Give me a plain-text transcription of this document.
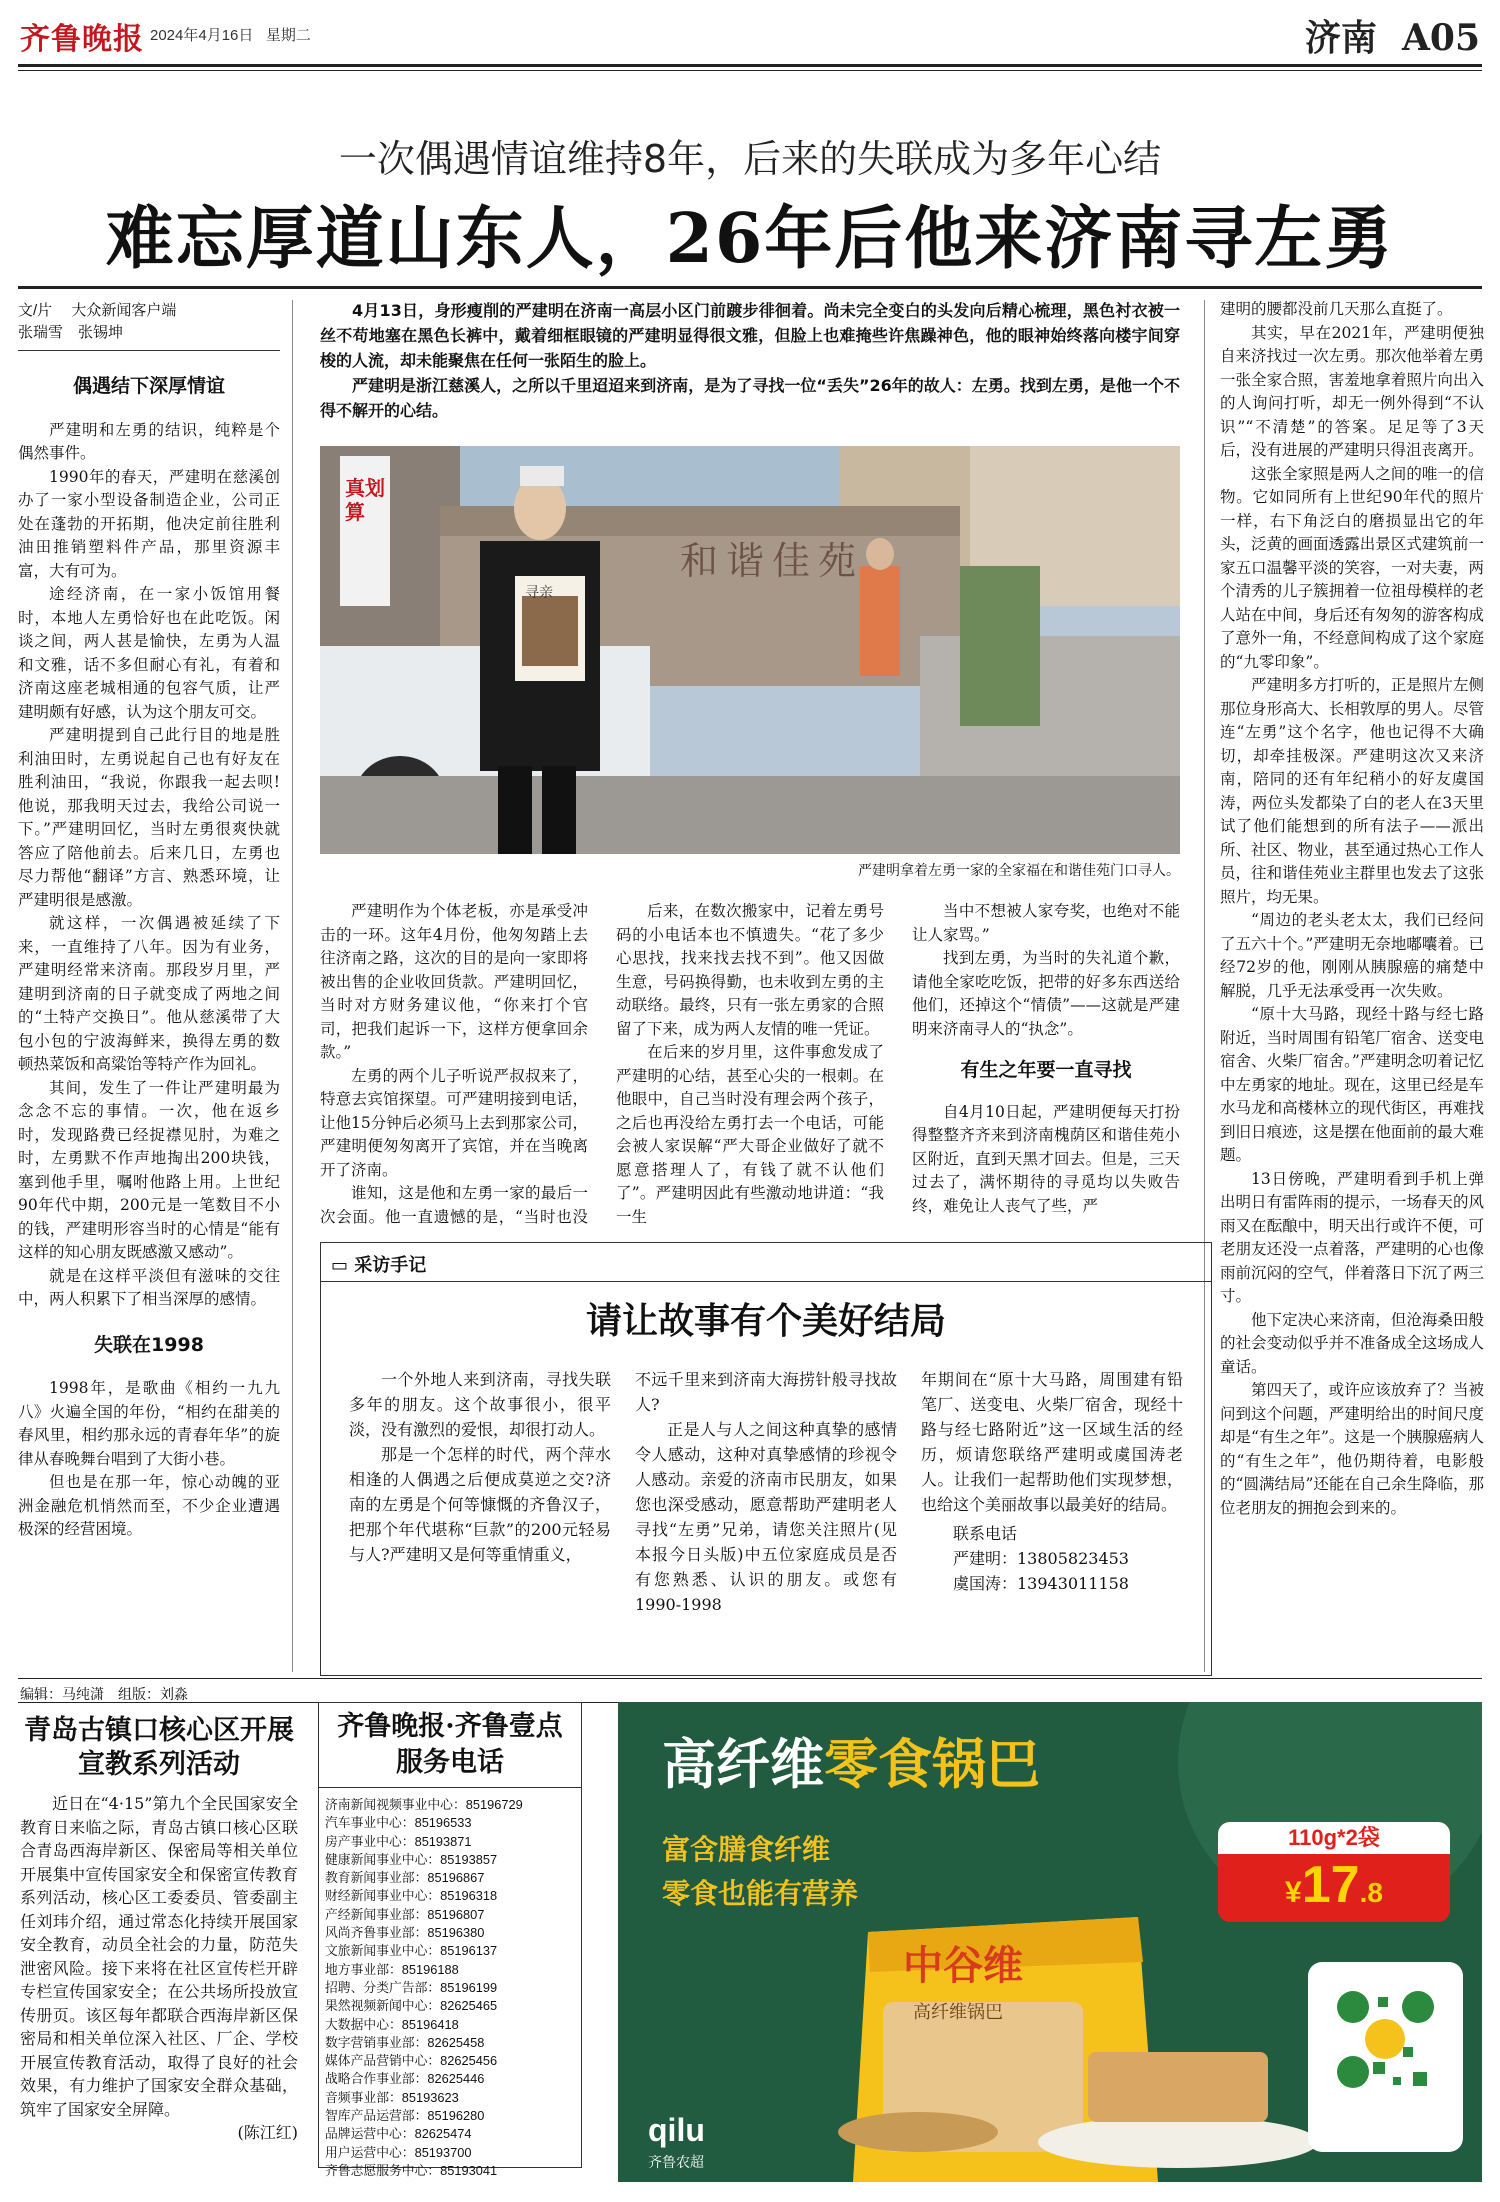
齐鲁晚报 2024年4月16日 星期二	济南 A05
一次偶遇情谊维持8年，后来的失联成为多年心结
难忘厚道山东人，26年后他来济南寻左勇
文/片　 大众新闻客户端
张瑞雪　张锡坤
偶遇结下深厚情谊

严建明和左勇的结识，纯粹是个偶然事件。

1990年的春天，严建明在慈溪创办了一家小型设备制造企业，公司正处在蓬勃的开拓期，他决定前往胜利油田推销塑料件产品，那里资源丰富，大有可为。

途经济南，在一家小饭馆用餐时，本地人左勇恰好也在此吃饭。闲谈之间，两人甚是愉快，左勇为人温和文雅，话不多但耐心有礼，有着和济南这座老城相通的包容气质，让严建明颇有好感，认为这个朋友可交。

严建明提到自己此行目的地是胜利油田时，左勇说起自己也有好友在胜利油田，“我说，你跟我一起去呗!他说，那我明天过去，我给公司说一下。”严建明回忆，当时左勇很爽快就答应了陪他前去。后来几日，左勇也尽力帮他“翻译”方言、熟悉环境，让严建明很是感激。

就这样，一次偶遇被延续了下来，一直维持了八年。因为有业务，严建明经常来济南。那段岁月里，严建明到济南的日子就变成了两地之间的“土特产交换日”。他从慈溪带了大包小包的宁波海鲜来，换得左勇的数顿热菜饭和高粱饴等特产作为回礼。

其间，发生了一件让严建明最为念念不忘的事情。一次，他在返乡时，发现路费已经捉襟见肘，为难之时，左勇默不作声地掏出200块钱，塞到他手里，嘱咐他路上用。上世纪90年代中期，200元是一笔数目不小的钱，严建明形容当时的心情是“能有这样的知心朋友既感激又感动”。

就是在这样平淡但有滋味的交往中，两人积累下了相当深厚的感情。

失联在1998

1998年，是歌曲《相约一九九八》火遍全国的年份，“相约在甜美的春风里，相约那永远的青春年华”的旋律从春晚舞台唱到了大街小巷。

但也是在那一年，惊心动魄的亚洲金融危机悄然而至，不少企业遭遇极深的经营困境。

4月13日，身形瘦削的严建明在济南一高层小区门前踱步徘徊着。尚未完全变白的头发向后精心梳理，黑色衬衣被一丝不苟地塞在黑色长裤中，戴着细框眼镜的严建明显得很文雅，但脸上也难掩些许焦躁神色，他的眼神始终落向楼宇间穿梭的人流，却未能聚焦在任何一张陌生的脸上。

严建明是浙江慈溪人，之所以千里迢迢来到济南，是为了寻找一位“丢失”26年的故人：左勇。找到左勇，是他一个不得不解开的心结。

和谐佳苑
寻亲
真划算
严建明拿着左勇一家的全家福在和谐佳苑门口寻人。

严建明作为个体老板，亦是承受冲击的一环。这年4月份，他匆匆踏上去往济南之路，这次的目的是向一家即将被出售的企业收回货款。严建明回忆，当时对方财务建议他，“你来打个官司，把我们起诉一下，这样方便拿回余款。”

左勇的两个儿子听说严叔叔来了，特意去宾馆探望。可严建明接到电话，让他15分钟后必须马上去到那家公司，严建明便匆匆离开了宾馆，并在当晚离开了济南。

谁知，这是他和左勇一家的最后一次会面。他一直遗憾的是，“当时也没

后来，在数次搬家中，记着左勇号码的小电话本也不慎遗失。“花了多少心思找，找来找去找不到”。他又因做生意，号码换得勤，也未收到左勇的主动联络。最终，只有一张左勇家的合照留了下来，成为两人友情的唯一凭证。

在后来的岁月里，这件事愈发成了严建明的心结，甚至心尖的一根刺。在他眼中，自己当时没有理会两个孩子，之后也再没给左勇打去一个电话，可能会被人家误解“严大哥企业做好了就不愿意搭理人了，有钱了就不认他们了”。严建明因此有些激动地讲道：“我一生

当中不想被人家夸奖，也绝对不能让人家骂。”

找到左勇，为当时的失礼道个歉，请他全家吃吃饭，把带的好多东西送给他们，还掉这个“情债”——这就是严建明来济南寻人的“执念”。

有生之年要一直寻找

自4月10日起，严建明便每天打扮得整整齐齐来到济南槐荫区和谐佳苑小区附近，直到天黑才回去。但是，三天过去了，满怀期待的寻觅均以失败告终，难免让人丧气了些，严

建明的腰都没前几天那么直挺了。

其实，早在2021年，严建明便独自来济找过一次左勇。那次他举着左勇一张全家合照，害羞地拿着照片向出入的人询问打听，却无一例外得到“不认识”“不清楚”的答案。足足等了3天后，没有进展的严建明只得沮丧离开。

这张全家照是两人之间的唯一的信物。它如同所有上世纪90年代的照片一样，右下角泛白的磨损显出它的年头，泛黄的画面透露出景区式建筑前一家五口温馨平淡的笑容，一对夫妻，两个清秀的儿子簇拥着一位祖母模样的老人站在中间，身后还有匆匆的游客构成了意外一角，不经意间构成了这个家庭的“九零印象”。

严建明多方打听的，正是照片左侧那位身形高大、长相敦厚的男人。尽管连“左勇”这个名字，他也记得不大确切，却牵挂极深。严建明这次又来济南，陪同的还有年纪稍小的好友虞国涛，两位头发都染了白的老人在3天里试了他们能想到的所有法子——派出所、社区、物业，甚至通过热心工作人员，往和谐佳苑业主群里也发去了这张照片，均无果。

“周边的老头老太太，我们已经问了五六十个。”严建明无奈地嘟囔着。已经72岁的他，刚刚从胰腺癌的痛楚中解脱，几乎无法承受再一次失败。

“原十大马路，现经十路与经七路附近，当时周围有铅笔厂宿舍、送变电宿舍、火柴厂宿舍。”严建明念叨着记忆中左勇家的地址。现在，这里已经是车水马龙和高楼林立的现代街区，再难找到旧日痕迹，这是摆在他面前的最大难题。

13日傍晚，严建明看到手机上弹出明日有雷阵雨的提示，一场春天的风雨又在酝酿中，明天出行或许不便，可老朋友还没一点着落，严建明的心也像雨前沉闷的空气，伴着落日下沉了两三寸。

他下定决心来济南，但沧海桑田般的社会变动似乎并不准备成全这场成人童话。

第四天了，或许应该放弃了？当被问到这个问题，严建明给出的时间尺度却是“有生之年”。这是一个胰腺癌病人的“有生之年”，他仍期待着，电影般的“圆满结局”还能在自己余生降临，那位老朋友的拥抱会到来的。

▭ 采访手记
请让故事有个美好结局

一个外地人来到济南，寻找失联多年的朋友。这个故事很小，很平淡，没有激烈的爱恨，却很打动人。

那是一个怎样的时代，两个萍水相逢的人偶遇之后便成莫逆之交?济南的左勇是个何等慷慨的齐鲁汉子，把那个年代堪称“巨款”的200元轻易与人?严建明又是何等重情重义，

不远千里来到济南大海捞针般寻找故人?

正是人与人之间这种真挚的感情令人感动，这种对真挚感情的珍视令人感动。亲爱的济南市民朋友，如果您也深受感动，愿意帮助严建明老人寻找“左勇”兄弟，请您关注照片(见本报今日头版)中五位家庭成员是否有您熟悉、认识的朋友。或您有1990-1998

年期间在“原十大马路，周围建有铅笔厂、送变电、火柴厂宿舍，现经十路与经七路附近”这一区域生活的经历，烦请您联络严建明或虞国涛老人。让我们一起帮助他们实现梦想，也给这个美丽故事以最美好的结局。

联系电话
严建明：13805823453
虞国涛：13943011158
编辑：马纯潇　组版：刘淼
青岛古镇口核心区开展宣教系列活动

近日在“4·15”第九个全民国家安全教育日来临之际，青岛古镇口核心区联合青岛西海岸新区、保密局等相关单位开展集中宣传国家安全和保密宣传教育系列活动，核心区工委委员、管委副主任刘玮介绍，通过常态化持续开展国家安全教育，动员全社会的力量，防范失泄密风险。接下来将在社区宣传栏开辟专栏宣传国家安全；在公共场所投放宣传册页。该区每年都联合西海岸新区保密局和相关单位深入社区、厂企、学校开展宣传教育活动，取得了良好的社会效果，有力维护了国家安全群众基础，筑牢了国家安全屏障。

(陈江红)
齐鲁晚报·齐鲁壹点
服务电话
济南新闻视频事业中心：85196729
汽车事业中心：85196533
房产事业中心：85193871
健康新闻事业中心：85193857
教育新闻事业部：85196867
财经新闻事业中心：85196318
产经新闻事业部：85196807
风尚齐鲁事业部：85196380
文旅新闻事业中心：85196137
地方事业部：85196188
招聘、分类广告部：85196199
果然视频新闻中心：82625465
大数据中心：85196418
数字营销事业部：82625458
媒体产品营销中心：82625456
战略合作事业部：82625446
音频事业部：85193623
智库产品运营部：85196280
品牌运营中心：82625474
用户运营中心：85193700
齐鲁志愿服务中心：85193041
高纤维零食锅巴
富含膳食纤维
零食也能有营养
中谷维
高纤维锅巴
110g*2袋
¥17.8
qilu
齐鲁农超
